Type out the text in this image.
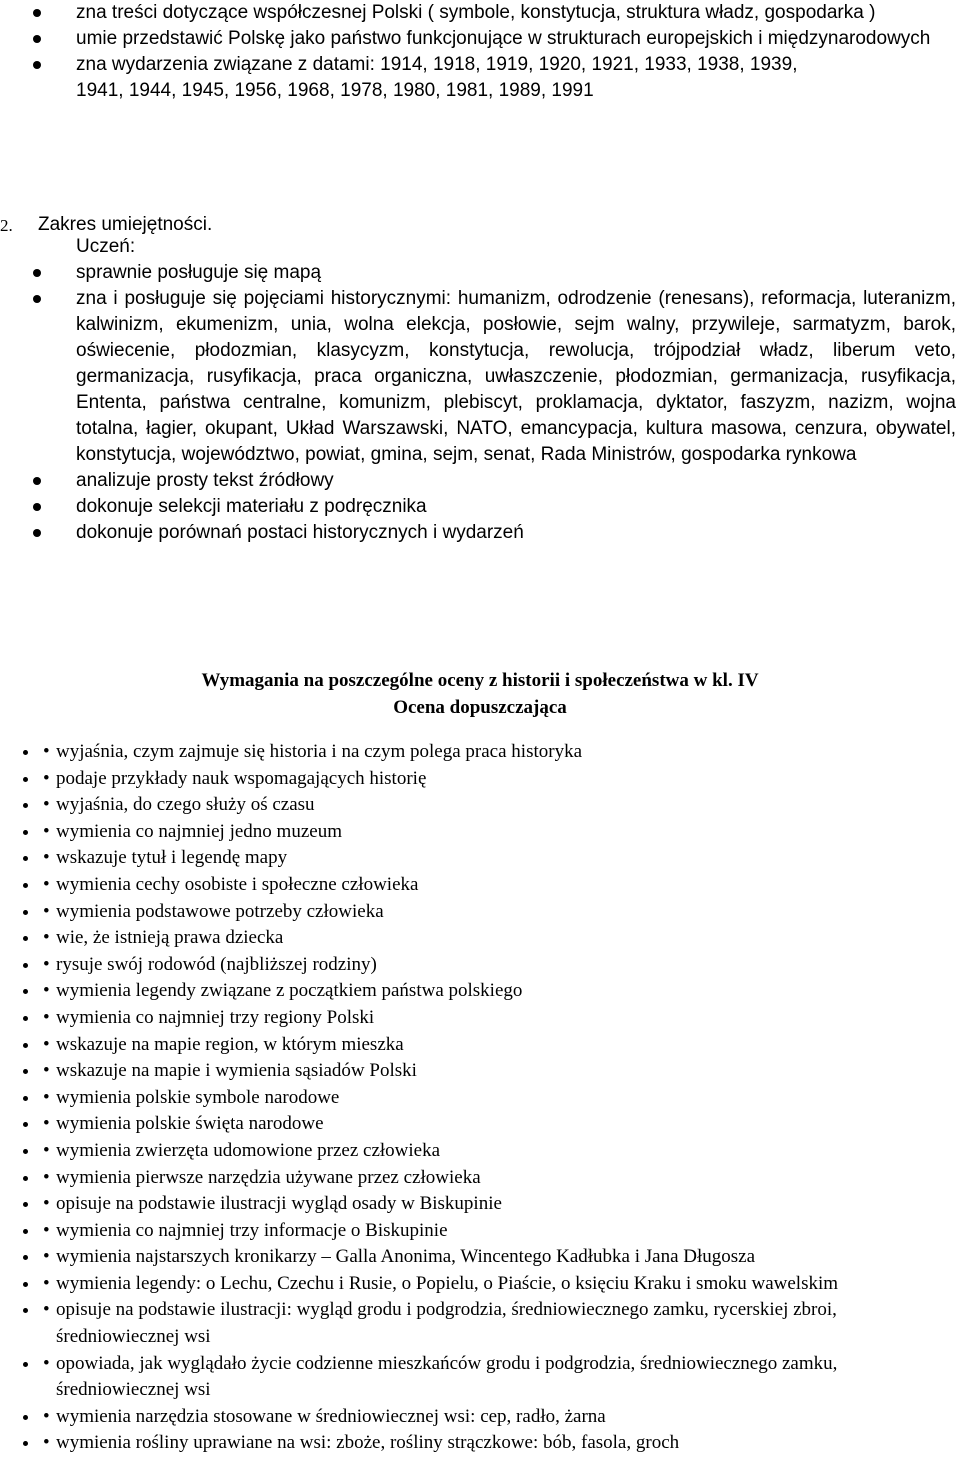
zna treści dotyczące współczesnej Polski ( symbole, konstytucja, struktura władz, gospodarka )
umie przedstawić Polskę jako państwo funkcjonujące w strukturach europejskich i międzynarodowych
zna wydarzenia związane z datami: 1914, 1918, 1919, 1920, 1921, 1933, 1938, 1939, 1941, 1944, 1945, 1956, 1968, 1978, 1980, 1981, 1989, 1991
2. Zakres umiejętności.
Uczeń:
sprawnie posługuje się mapą
zna i posługuje się pojęciami historycznymi: humanizm, odrodzenie (renesans), reformacja, luteranizm, kalwinizm, ekumenizm, unia, wolna elekcja, posłowie, sejm walny, przywileje, sarmatyzm, barok, oświecenie, płodozmian, klasycyzm, konstytucja, rewolucja, trójpodział władz, liberum veto, germanizacja, rusyfikacja, praca organiczna, uwłaszczenie, płodozmian, germanizacja, rusyfikacja, Ententa, państwa centralne, komunizm, plebiscyt, proklamacja, dyktator, faszyzm, nazizm, wojna totalna, łagier, okupant, Układ Warszawski, NATO, emancypacja, kultura masowa, cenzura, obywatel, konstytucja, województwo, powiat, gmina, sejm, senat, Rada Ministrów, gospodarka rynkowa
analizuje prosty tekst źródłowy
dokonuje selekcji materiału z podręcznika
dokonuje porównań postaci historycznych i wydarzeń
Wymagania na poszczególne oceny z historii i społeczeństwa w kl. IV
Ocena dopuszczająca
• • wyjaśnia, czym zajmuje się historia i na czym polega praca historyka
• • podaje przykłady nauk wspomagających historię
• • wyjaśnia, do czego służy oś czasu
• • wymienia co najmniej jedno muzeum
• • wskazuje tytuł i legendę mapy
• • wymienia cechy osobiste i społeczne człowieka
• • wymienia podstawowe potrzeby człowieka
• • wie, że istnieją prawa dziecka
• • rysuje swój rodowód (najbliższej rodziny)
• • wymienia legendy związane z początkiem państwa polskiego
• • wymienia co najmniej trzy regiony Polski
• • wskazuje na mapie region, w którym mieszka
• • wskazuje na mapie i wymienia sąsiadów Polski
• • wymienia polskie symbole narodowe
• • wymienia polskie święta narodowe
• • wymienia zwierzęta udomowione przez człowieka
• • wymienia pierwsze narzędzia używane przez człowieka
• • opisuje na podstawie ilustracji wygląd osady w Biskupinie
• • wymienia co najmniej trzy informacje o Biskupinie
• • wymienia najstarszych kronikarzy – Galla Anonima, Wincentego Kadłubka i Jana Długosza
• • wymienia legendy: o Lechu, Czechu i Rusie, o Popielu, o Piaście, o księciu Kraku i smoku wawelskim
• • opisuje na podstawie ilustracji: wygląd grodu i podgrodzia, średniowiecznego zamku, rycerskiej zbroi, średniowiecznej wsi
• • opowiada, jak wyglądało życie codzienne mieszkańców grodu i podgrodzia, średniowiecznego zamku, średniowiecznej wsi
• • wymienia narzędzia stosowane w średniowiecznej wsi: cep, radło, żarna
• • wymienia rośliny uprawiane na wsi: zboże, rośliny strączkowe: bób, fasola, groch
